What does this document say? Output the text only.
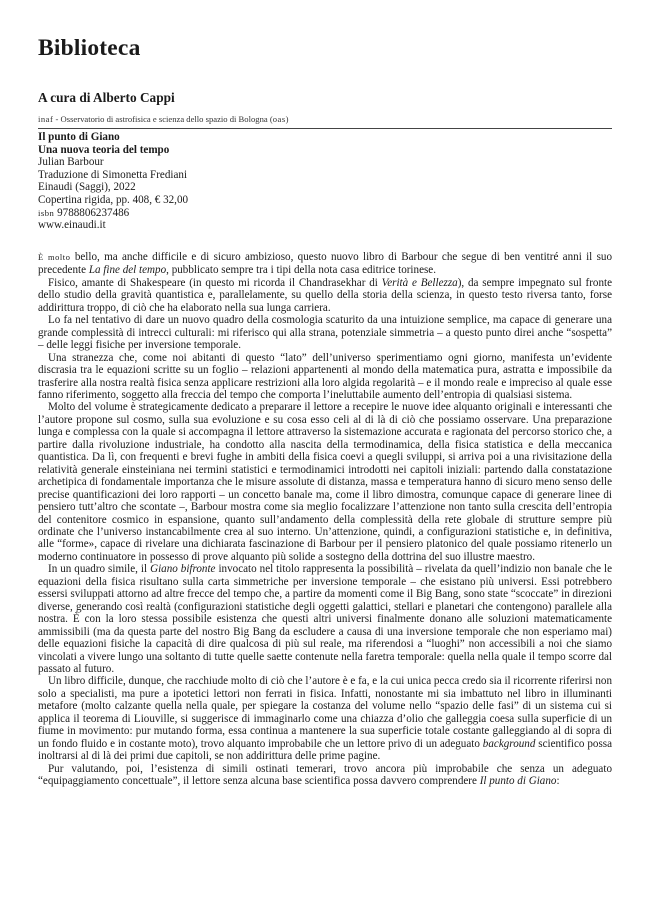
Biblioteca
A cura di Alberto Cappi
inaf - Osservatorio di astrofisica e scienza dello spazio di Bologna (oas)
Il punto di Giano
Una nuova teoria del tempo
Julian Barbour
Traduzione di Simonetta Frediani
Einaudi (Saggi), 2022
Copertina rigida, pp. 408, € 32,00
isbn 9788806237486
www.einaudi.it

È molto bello, ma anche difficile e di sicuro ambizioso, questo nuovo libro di Barbour che segue di ben ventitré anni il suo precedente La fine del tempo, pubblicato sempre tra i tipi della nota casa editrice torinese.

Fisico, amante di Shakespeare (in questo mi ricorda il Chandrasekhar di Verità e Bellezza), da sempre impegnato sul fronte dello studio della gravità quantistica e, parallelamente, su quello della storia della scienza, in questo testo riversa tanto, forse addirittura troppo, di ciò che ha elaborato nella sua lunga carriera.

Lo fa nel tentativo di dare un nuovo quadro della cosmologia scaturito da una intuizione semplice, ma capace di generare una grande complessità di intrecci culturali: mi riferisco qui alla strana, potenziale simmetria – a questo punto direi anche “sospetta” – delle leggi fisiche per inversione temporale.

Una stranezza che, come noi abitanti di questo “lato” dell’universo sperimentiamo ogni giorno, manifesta un’evidente discrasia tra le equazioni scritte su un foglio – relazioni appartenenti al mondo della matematica pura, astratta e impossibile da trasferire alla nostra realtà fisica senza applicare restrizioni alla loro algida regolarità – e il mondo reale e impreciso al quale esse fanno riferimento, soggetto alla freccia del tempo che comporta l’ineluttabile aumento dell’entropia di qualsiasi sistema.

Molto del volume è strategicamente dedicato a preparare il lettore a recepire le nuove idee alquanto originali e interessanti che l’autore propone sul cosmo, sulla sua evoluzione e su cosa esso celi al di là di ciò che possiamo osservare. Una preparazione lunga e complessa con la quale si accompagna il lettore attraverso la sistemazione accurata e ragionata del percorso storico che, a partire dalla rivoluzione industriale, ha condotto alla nascita della termodinamica, della fisica statistica e della meccanica quantistica. Da lì, con frequenti e brevi fughe in ambiti della fisica coevi a quegli sviluppi, si arriva poi a una rivisitazione della relatività generale einsteiniana nei termini statistici e termodinamici introdotti nei capitoli iniziali: partendo dalla constatazione archetipica di fondamentale importanza che le misure assolute di distanza, massa e temperatura hanno di sicuro meno senso delle precise quantificazioni dei loro rapporti – un concetto banale ma, come il libro dimostra, comunque capace di generare linee di pensiero tutt’altro che scontate –, Barbour mostra come sia meglio focalizzare l’attenzione non tanto sulla crescita dell’entropia del contenitore cosmico in espansione, quanto sull’andamento della complessità della rete globale di strutture sempre più ordinate che l’universo instancabilmente crea al suo interno. Un’attenzione, quindi, a configurazioni statistiche e, in definitiva, alle “forme», capace di rivelare una dichiarata fascinazione di Barbour per il pensiero platonico del quale possiamo ritenerlo un moderno continuatore in possesso di prove alquanto più solide a sostegno della dottrina del suo illustre maestro.

In un quadro simile, il Giano bifronte invocato nel titolo rappresenta la possibilità – rivelata da quell’indizio non banale che le equazioni della fisica risultano sulla carta simmetriche per inversione temporale – che esistano più universi. Essi potrebbero essersi sviluppati attorno ad altre frecce del tempo che, a partire da momenti come il Big Bang, sono state “scoccate” in direzioni diverse, generando così realtà (configurazioni statistiche degli oggetti galattici, stellari e planetari che contengono) parallele alla nostra. È con la loro stessa possibile esistenza che questi altri universi finalmente donano alle soluzioni matematicamente ammissibili (ma da questa parte del nostro Big Bang da escludere a causa di una inversione temporale che non esperiamo mai) delle equazioni fisiche la capacità di dire qualcosa di più sul reale, ma riferendosi a “luoghi” non accessibili a noi che siamo vincolati a vivere lungo una soltanto di tutte quelle saette contenute nella faretra temporale: quella nella quale il tempo scorre dal passato al futuro.

Un libro difficile, dunque, che racchiude molto di ciò che l’autore è e fa, e la cui unica pecca credo sia il ricorrente riferirsi non solo a specialisti, ma pure a ipotetici lettori non ferrati in fisica. Infatti, nonostante mi sia imbattuto nel libro in illuminanti metafore (molto calzante quella nella quale, per spiegare la costanza del volume nello “spazio delle fasi” di un sistema cui si applica il teorema di Liouville, si suggerisce di immaginarlo come una chiazza d’olio che galleggia coesa sulla superficie di un fiume in movimento: pur mutando forma, essa continua a mantenere la sua superficie totale costante galleggiando al di sopra di un fondo fluido e in costante moto), trovo alquanto improbabile che un lettore privo di un adeguato background scientifico possa inoltrarsi al di là dei primi due capitoli, se non addirittura delle prime pagine.

Pur valutando, poi, l’esistenza di simili ostinati temerari, trovo ancora più improbabile che senza un adeguato “equipaggiamento concettuale”, il lettore senza alcuna base scientifica possa davvero comprendere Il punto di Giano:
